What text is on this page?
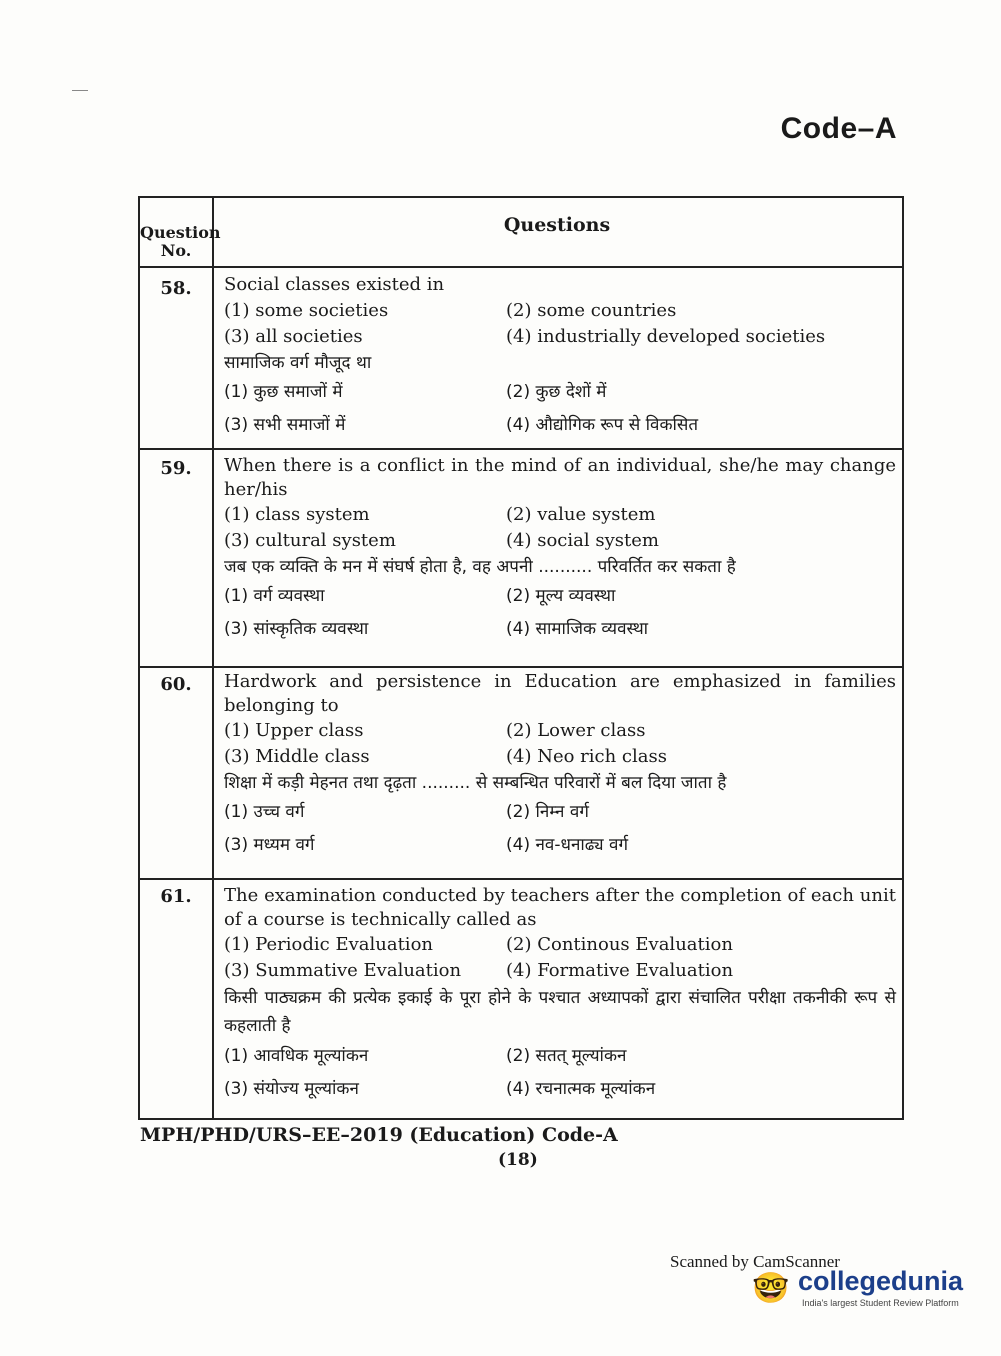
Code–A
Question No.
Questions
58.	Social classes existed in
(1) some societies	(2) some countries
(3) all societies	(4) industrially developed societies
सामाजिक वर्ग मौजूद था
(1) कुछ समाजों में	(2) कुछ देशों में
(3) सभी समाजों में	(4) औद्योगिक रूप से विकसित
59.	When there is a conflict in the mind of an individual, she/he may change her/his
(1) class system	(2) value system
(3) cultural system	(4) social system
जब एक व्यक्ति के मन में संघर्ष होता है, वह अपनी .......... परिवर्तित कर सकता है
(1) वर्ग व्यवस्था	(2) मूल्य व्यवस्था
(3) सांस्कृतिक व्यवस्था	(4) सामाजिक व्यवस्था
60.	Hardwork and persistence in Education are emphasized in families belonging to
(1) Upper class	(2) Lower class
(3) Middle class	(4) Neo rich class
शिक्षा में कड़ी मेहनत तथा दृढ़ता ......... से सम्बन्धित परिवारों में बल दिया जाता है
(1) उच्च वर्ग	(2) निम्न वर्ग
(3) मध्यम वर्ग	(4) नव-धनाढ्य वर्ग
61.	The examination conducted by teachers after the completion of each unit of a course is technically called as
(1) Periodic Evaluation	(2) Continous Evaluation
(3) Summative Evaluation (4) Formative Evaluation
किसी पाठ्यक्रम की प्रत्येक इकाई के पूरा होने के पश्चात अध्यापकों द्वारा संचालित परीक्षा तकनीकी रूप से कहलाती है
(1) आवधिक मूल्यांकन	(2) सतत् मूल्यांकन
(3) संयोज्य मूल्यांकन	(4) रचनात्मक मूल्यांकन
MPH/PHD/URS–EE–2019 (Education) Code-A
(18)
Scanned by CamScanner
🤓 collegedunia
India's largest Student Review Platform
